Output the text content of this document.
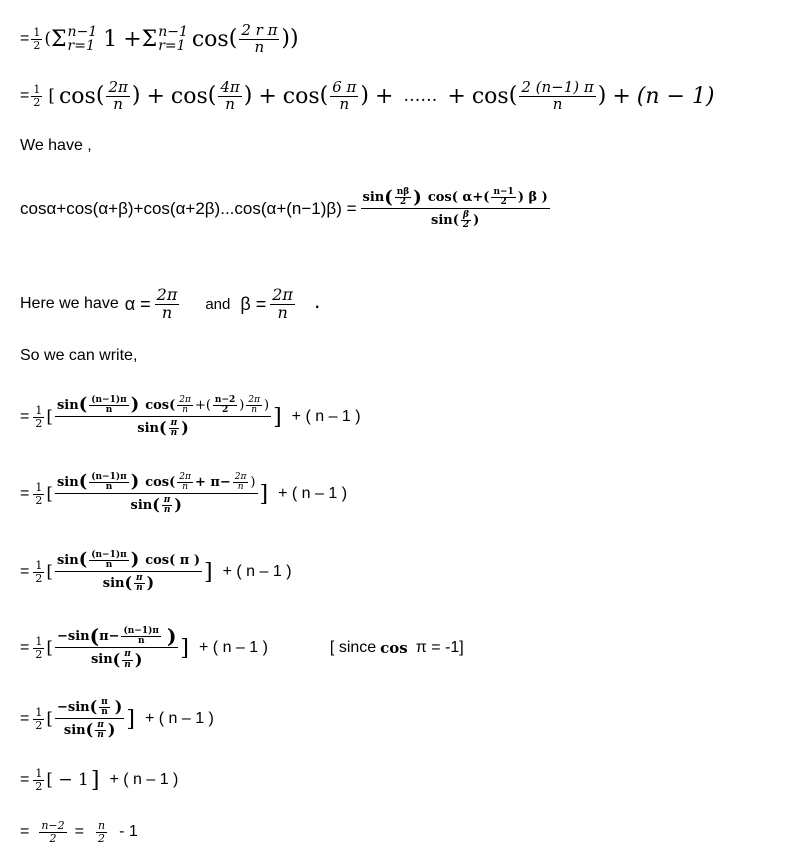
= $\frac{1}{2}$ ( Σ n−1
r=1 1 + Σ n−1
r=1 cos ( $\frac{\text{2 r π}}{n}$ ))
= $\frac{1}{2}$ [ cos ( $\frac{2\pi}{n}$ ) + cos ( $\frac{4\pi}{n}$ ) + cos ( $\frac{6 \pi}{n}$ ) + …… + cos ( $\frac{2 (n-1) \pi}{n}$ ) + (n − 1)
We have ,
cosα+cos(α+β)+cos(α+2β)...cos(α+(n−1)β) =
sin ( $\frac{n\beta}{2}$ ) cos( $\alpha+( \frac{n-1}{2}$ ) β )
$\sin( \frac{\beta}{2}$ )
Here we have $\alpha = \frac{2\pi}{n}$ and $\beta = \frac{2\pi}{n}$ .
So we can write,
= $\frac{1}{2}$ [
sin ( $\frac{(n-1)\pi}{n}$ ) $\cos( \frac{2\pi}{n}$ +( $\frac{n-2}{2}$ ) $\frac{2\pi}{n}$ )
sin ( $\frac{\pi}{n}$ )	] + ( n – 1 )
= $\frac{1}{2}$ [
sin ( $\frac{(n-1)\pi}{n}$ ) $\cos( \frac{2\pi}{n} + \pi- \frac{2\pi}{n}$ )
sin ( $\frac{\pi}{n}$ )	] + ( n – 1 )
= $\frac{1}{2}$ [ $\frac{\sin ( \frac{(n-1)\pi}{n} ) \cos( \pi )}{\sin ( \frac{\pi}{n} )}$ ] + ( n – 1 )
= $\frac{1}{2}$ [ $\frac{-\sin ( \pi- \frac{(n-1)\pi}{n} )}{\sin ( \frac{\pi}{n} )}$ ] + ( n – 1 )	[ since cos π = -1]
= $\frac{1}{2}$ [ $\frac{-\sin ( \frac{\pi}{n} )}{\sin ( \frac{\pi}{n} )}$ ] + ( n – 1 )
= $\frac{1}{2}$ [ − 1 ] + ( n – 1 )
= $\frac{n-2}{2} = \frac{n}{2} - 1$
